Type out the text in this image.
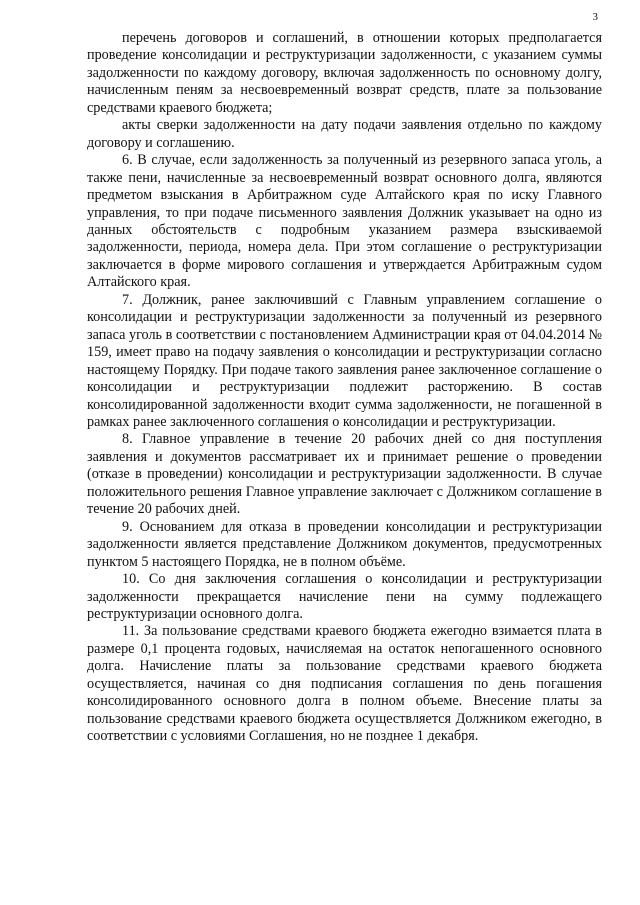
3

перечень договоров и соглашений, в отношении которых предполагается проведение консолидации и реструктуризации задолженности, с указанием суммы задолженности по каждому договору, включая задолженность по основному долгу, начисленным пеням за несвоевременный возврат средств, плате за пользование средствами краевого бюджета;

акты сверки задолженности на дату подачи заявления отдельно по каждому договору и соглашению.

6. В случае, если задолженность за полученный из резервного запаса уголь, а также пени, начисленные за несвоевременный возврат основного долга, являются предметом взыскания в Арбитражном суде Алтайского края по иску Главного управления, то при подаче письменного заявления Должник указывает на одно из данных обстоятельств с подробным указанием размера взыскиваемой задолженности, периода, номера дела. При этом соглашение о реструктуризации заключается в форме мирового соглашения и утверждается Арбитражным судом Алтайского края.

7. Должник, ранее заключивший с Главным управлением соглашение о консолидации и реструктуризации задолженности за полученный из резервного запаса уголь в соответствии с постановлением Администрации края от 04.04.2014 № 159, имеет право на подачу заявления о консолидации и реструктуризации согласно настоящему Порядку. При подаче такого заявления ранее заключенное соглашение о консолидации и реструктуризации подлежит расторжению. В состав консолидированной задолженности входит сумма задолженности, не погашенной в рамках ранее заключенного соглашения о консолидации и реструктуризации.

8. Главное управление в течение 20 рабочих дней со дня поступления заявления и документов рассматривает их и принимает решение о проведении (отказе в проведении) консолидации и реструктуризации задолженности. В случае положительного решения Главное управление заключает с Должником соглашение в течение 20 рабочих дней.

9. Основанием для отказа в проведении консолидации и реструктуризации задолженности является представление Должником документов, предусмотренных пунктом 5 настоящего Порядка, не в полном объёме.

10. Со дня заключения соглашения о консолидации и реструктуризации задолженности прекращается начисление пени на сумму подлежащего реструктуризации основного долга.

11. За пользование средствами краевого бюджета ежегодно взимается плата в размере 0,1 процента годовых, начисляемая на остаток непогашенного основного долга. Начисление платы за пользование средствами краевого бюджета осуществляется, начиная со дня подписания соглашения по день погашения консолидированного основного долга в полном объеме. Внесение платы за пользование средствами краевого бюджета осуществляется Должником ежегодно, в соответствии с условиями Соглашения, но не позднее 1 декабря.
